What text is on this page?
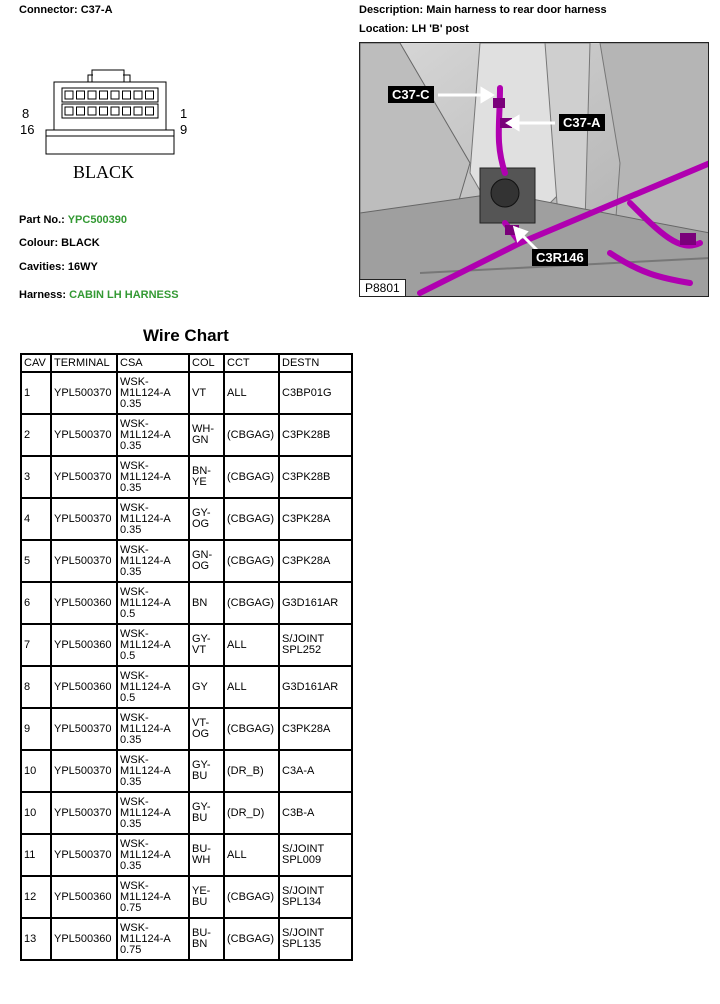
Connector: C37-A	Description: Main harness to rear door harness
Location: LH 'B' post
8
16
1
9
BLACK
Part No.: YPC500390
Colour: BLACK
Cavities: 16WY
Harness: CABIN LH HARNESS
C37-C
C37-A
C3R146
P8801
Wire Chart
CAV	TERMINAL	CSA	COL	CCT	DESTN
1	YPL500370	WSK-
M1L124-A
0.35	VT	ALL	C3BP01G
2	YPL500370	WSK-
M1L124-A
0.35	WH-
GN	(CBGAG)	C3PK28B
3	YPL500370	WSK-
M1L124-A
0.35	BN-
YE	(CBGAG)	C3PK28B
4	YPL500370	WSK-
M1L124-A
0.35	GY-
OG	(CBGAG)	C3PK28A
5	YPL500370	WSK-
M1L124-A
0.35	GN-
OG	(CBGAG)	C3PK28A
6	YPL500360	WSK-
M1L124-A
0.5	BN	(CBGAG)	G3D161AR
7	YPL500360	WSK-
M1L124-A
0.5	GY-
VT	ALL	S/JOINT
SPL252
8	YPL500360	WSK-
M1L124-A
0.5	GY	ALL	G3D161AR
9	YPL500370	WSK-
M1L124-A
0.35	VT-
OG	(CBGAG)	C3PK28A
10	YPL500370	WSK-
M1L124-A
0.35	GY-
BU	(DR_B)	C3A-A
10	YPL500370	WSK-
M1L124-A
0.35	GY-
BU	(DR_D)	C3B-A
11	YPL500370	WSK-
M1L124-A
0.35	BU-
WH	ALL	S/JOINT
SPL009
12	YPL500360	WSK-
M1L124-A
0.75	YE-
BU	(CBGAG)	S/JOINT
SPL134
13	YPL500360	WSK-
M1L124-A
0.75	BU-
BN	(CBGAG)	S/JOINT
SPL135
